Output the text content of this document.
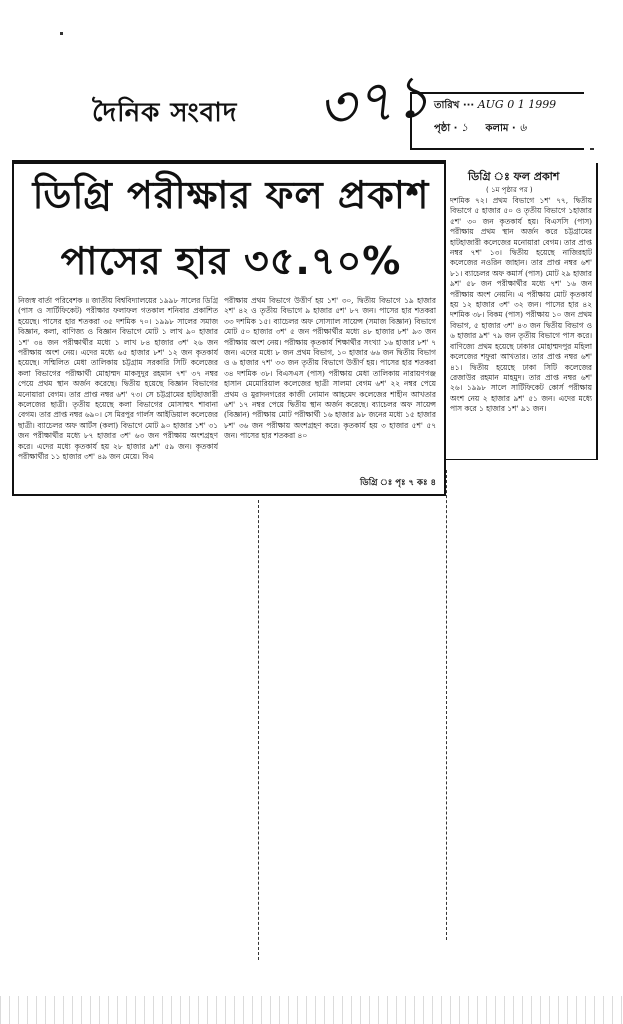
দৈনিক সংবাদ ৩৭১ তারিখ ··· AUG 0 1 1999
পৃষ্ঠা · ১ কলাম · ৬
ডিগ্রি পরীক্ষার ফল প্রকাশ
পাসের হার ৩৫.৭০%
নিজস্ব বার্তা পরিবেশক ॥ জাতীয় বিশ্ববিদ্যালয়ের ১৯৯৮ সালের ডিগ্রি (পাস ও সার্টিফিকেট) পরীক্ষার ফলাফল গতকাল শনিবার প্রকাশিত হয়েছে। পাসের হার শতকরা ৩৫ দশমিক ৭০। ১৯৯৮ সালের সমাজ বিজ্ঞান, কলা, বাণিজ্য ও বিজ্ঞান বিভাগে মোট ১ লাখ ৯০ হাজার ১শ' ৩৪ জন পরীক্ষার্থীর মধ্যে ১ লাখ ৮৪ হাজার ৩শ' ২৬ জন পরীক্ষায় অংশ নেয়। এদের মধ্যে ৬৫ হাজার ৮শ' ১২ জন কৃতকার্য হয়েছে। সম্মিলিত মেধা তালিকায় চট্টগ্রাম সরকারি সিটি কলেজের কলা বিভাগের পরীক্ষার্থী মোহাম্মদ মাকসুদুর রহমান ৭শ' ৩৭ নম্বর পেয়ে প্রথম স্থান অর্জন করেছে। দ্বিতীয় হয়েছে বিজ্ঞান বিভাগের মনোয়ারা বেগম। তার প্রাপ্ত নম্বর ৬শ' ৭৩। সে চট্টগ্রামের হাটহাজারী কলেজের ছাত্রী। তৃতীয় হয়েছে কলা বিভাগের মোসাম্মৎ শাবানা বেগম। তার প্রাপ্ত নম্বর ৬৯০। সে মিরপুর গার্লস আইডিয়াল কলেজের ছাত্রী। ব্যাচেলর অফ আর্টস (কলা) বিভাগে মোট ৯০ হাজার ১শ' ৩১ জন পরীক্ষার্থীর মধ্যে ৮৭ হাজার ৩শ' ৬৩ জন পরীক্ষায় অংশগ্রহণ করে। এদের মধ্যে কৃতকার্য হয় ২৮ হাজার ৯শ' ৫৯ জন। কৃতকার্য পরীক্ষার্থীর ১১ হাজার ৩শ' ৪৯ জন মেয়ে। বিএ
পরীক্ষায় প্রথম বিভাগে উত্তীর্ণ হয় ১শ' ৩০, দ্বিতীয় বিভাগে ১৯ হাজার ২শ' ৪২ ও তৃতীয় বিভাগে ৯ হাজার ৫শ' ৮৭ জন। পাসের হার শতকরা ৩৩ দশমিক ১৫। ব্যাচেলর অফ সোস্যাল সায়েন্স (সমাজ বিজ্ঞান) বিভাগে মোট ৫০ হাজার ৩শ' ৫ জন পরীক্ষার্থীর মধ্যে ৪৮ হাজার ৮শ' ৯৩ জন পরীক্ষায় অংশ নেয়। পরীক্ষায় কৃতকার্য শিক্ষার্থীর সংখ্যা ১৬ হাজার ৮শ' ৭ জন। এদের মধ্যে ৮ জন প্রথম বিভাগ, ১০ হাজার ৬৬ জন দ্বিতীয় বিভাগ ও ৬ হাজার ৭শ' ৩৩ জন তৃতীয় বিভাগে উত্তীর্ণ হয়। পাসের হার শতকরা ৩৪ দশমিক ৩৮। বিএসএস (পাস) পরীক্ষায় মেধা তালিকায় নারায়ণগঞ্জ হাসান মেমোরিয়াল কলেজের ছাত্রী সালমা বেগম ৬শ' ২২ নম্বর পেয়ে প্রথম ও মুরাদনগরের কাজী নোমান আহমেদ কলেজের শাহীন আখতার ৬শ' ১৭ নম্বর পেয়ে দ্বিতীয় স্থান অর্জন করেছে। ব্যাচেলর অফ সায়েন্স (বিজ্ঞান) পরীক্ষায় মোট পরীক্ষার্থী ১৬ হাজার ৯৮ জনের মধ্যে ১৫ হাজার ৮শ' ৩৬ জন পরীক্ষায় অংশগ্রহণ করে। কৃতকার্য হয় ৩ হাজার ৫শ' ৫৭ জন। পাসের হার শতকরা ৪০
ডিগ্রি ঃ পৃঃ ৭ কঃ ৪
ডিগ্রি ঃ ফল প্রকাশ
( ১ম পৃষ্ঠার পর )
দশমিক ৭২। প্রথম বিভাগে ১শ' ৭৭, দ্বিতীয় বিভাগে ৫ হাজার ৫০ ও তৃতীয় বিভাগে ১হাজার ৫শ' ৩০ জন কৃতকার্য হয়। বিএসসি (পাস) পরীক্ষায় প্রথম স্থান অর্জন করে চট্টগ্রামের হাটহাজারী কলেজের মনোয়ারা বেগম। তার প্রাপ্ত নম্বর ৭শ' ১৩। দ্বিতীয় হয়েছে নাজিরহাট কলেজের নওরিন জাহান। তার প্রাপ্ত নম্বর ৬শ' ৮১। ব্যাচেলর অফ কমার্স (পাস) মোট ২৯ হাজার ৯শ' ৫৮ জন পরীক্ষার্থীর মধ্যে ৭শ' ১৬ জন পরীক্ষায় অংশ নেয়নি। এ পরীক্ষায় মোট কৃতকার্য হয় ১২ হাজার ৩শ' ৩২ জন। পাসের হার ৪২ দশমিক ৩৮। বিকম (পাস) পরীক্ষায় ১০ জন প্রথম বিভাগ, ৫ হাজার ৩শ' ৪৩ জন দ্বিতীয় বিভাগ ও ৬ হাজার ৯শ' ৭৯ জন তৃতীয় বিভাগে পাস করে। বাণিজ্যে প্রথম হয়েছে ঢাকার মোহাম্মদপুর মহিলা কলেজের শফুরা আখতার। তার প্রাপ্ত নম্বর ৬শ' ৪১। দ্বিতীয় হয়েছে ঢাকা সিটি কলেজের রেজাউর রহমান মাহমুদ। তার প্রাপ্ত নম্বর ৬শ' ২৬। ১৯৯৮ সালে সার্টিফিকেট কোর্স পরীক্ষায় অংশ নেয় ২ হাজার ৯শ' ৫১ জন। এদের মধ্যে পাস করে ১ হাজার ১শ' ৯১ জন।
